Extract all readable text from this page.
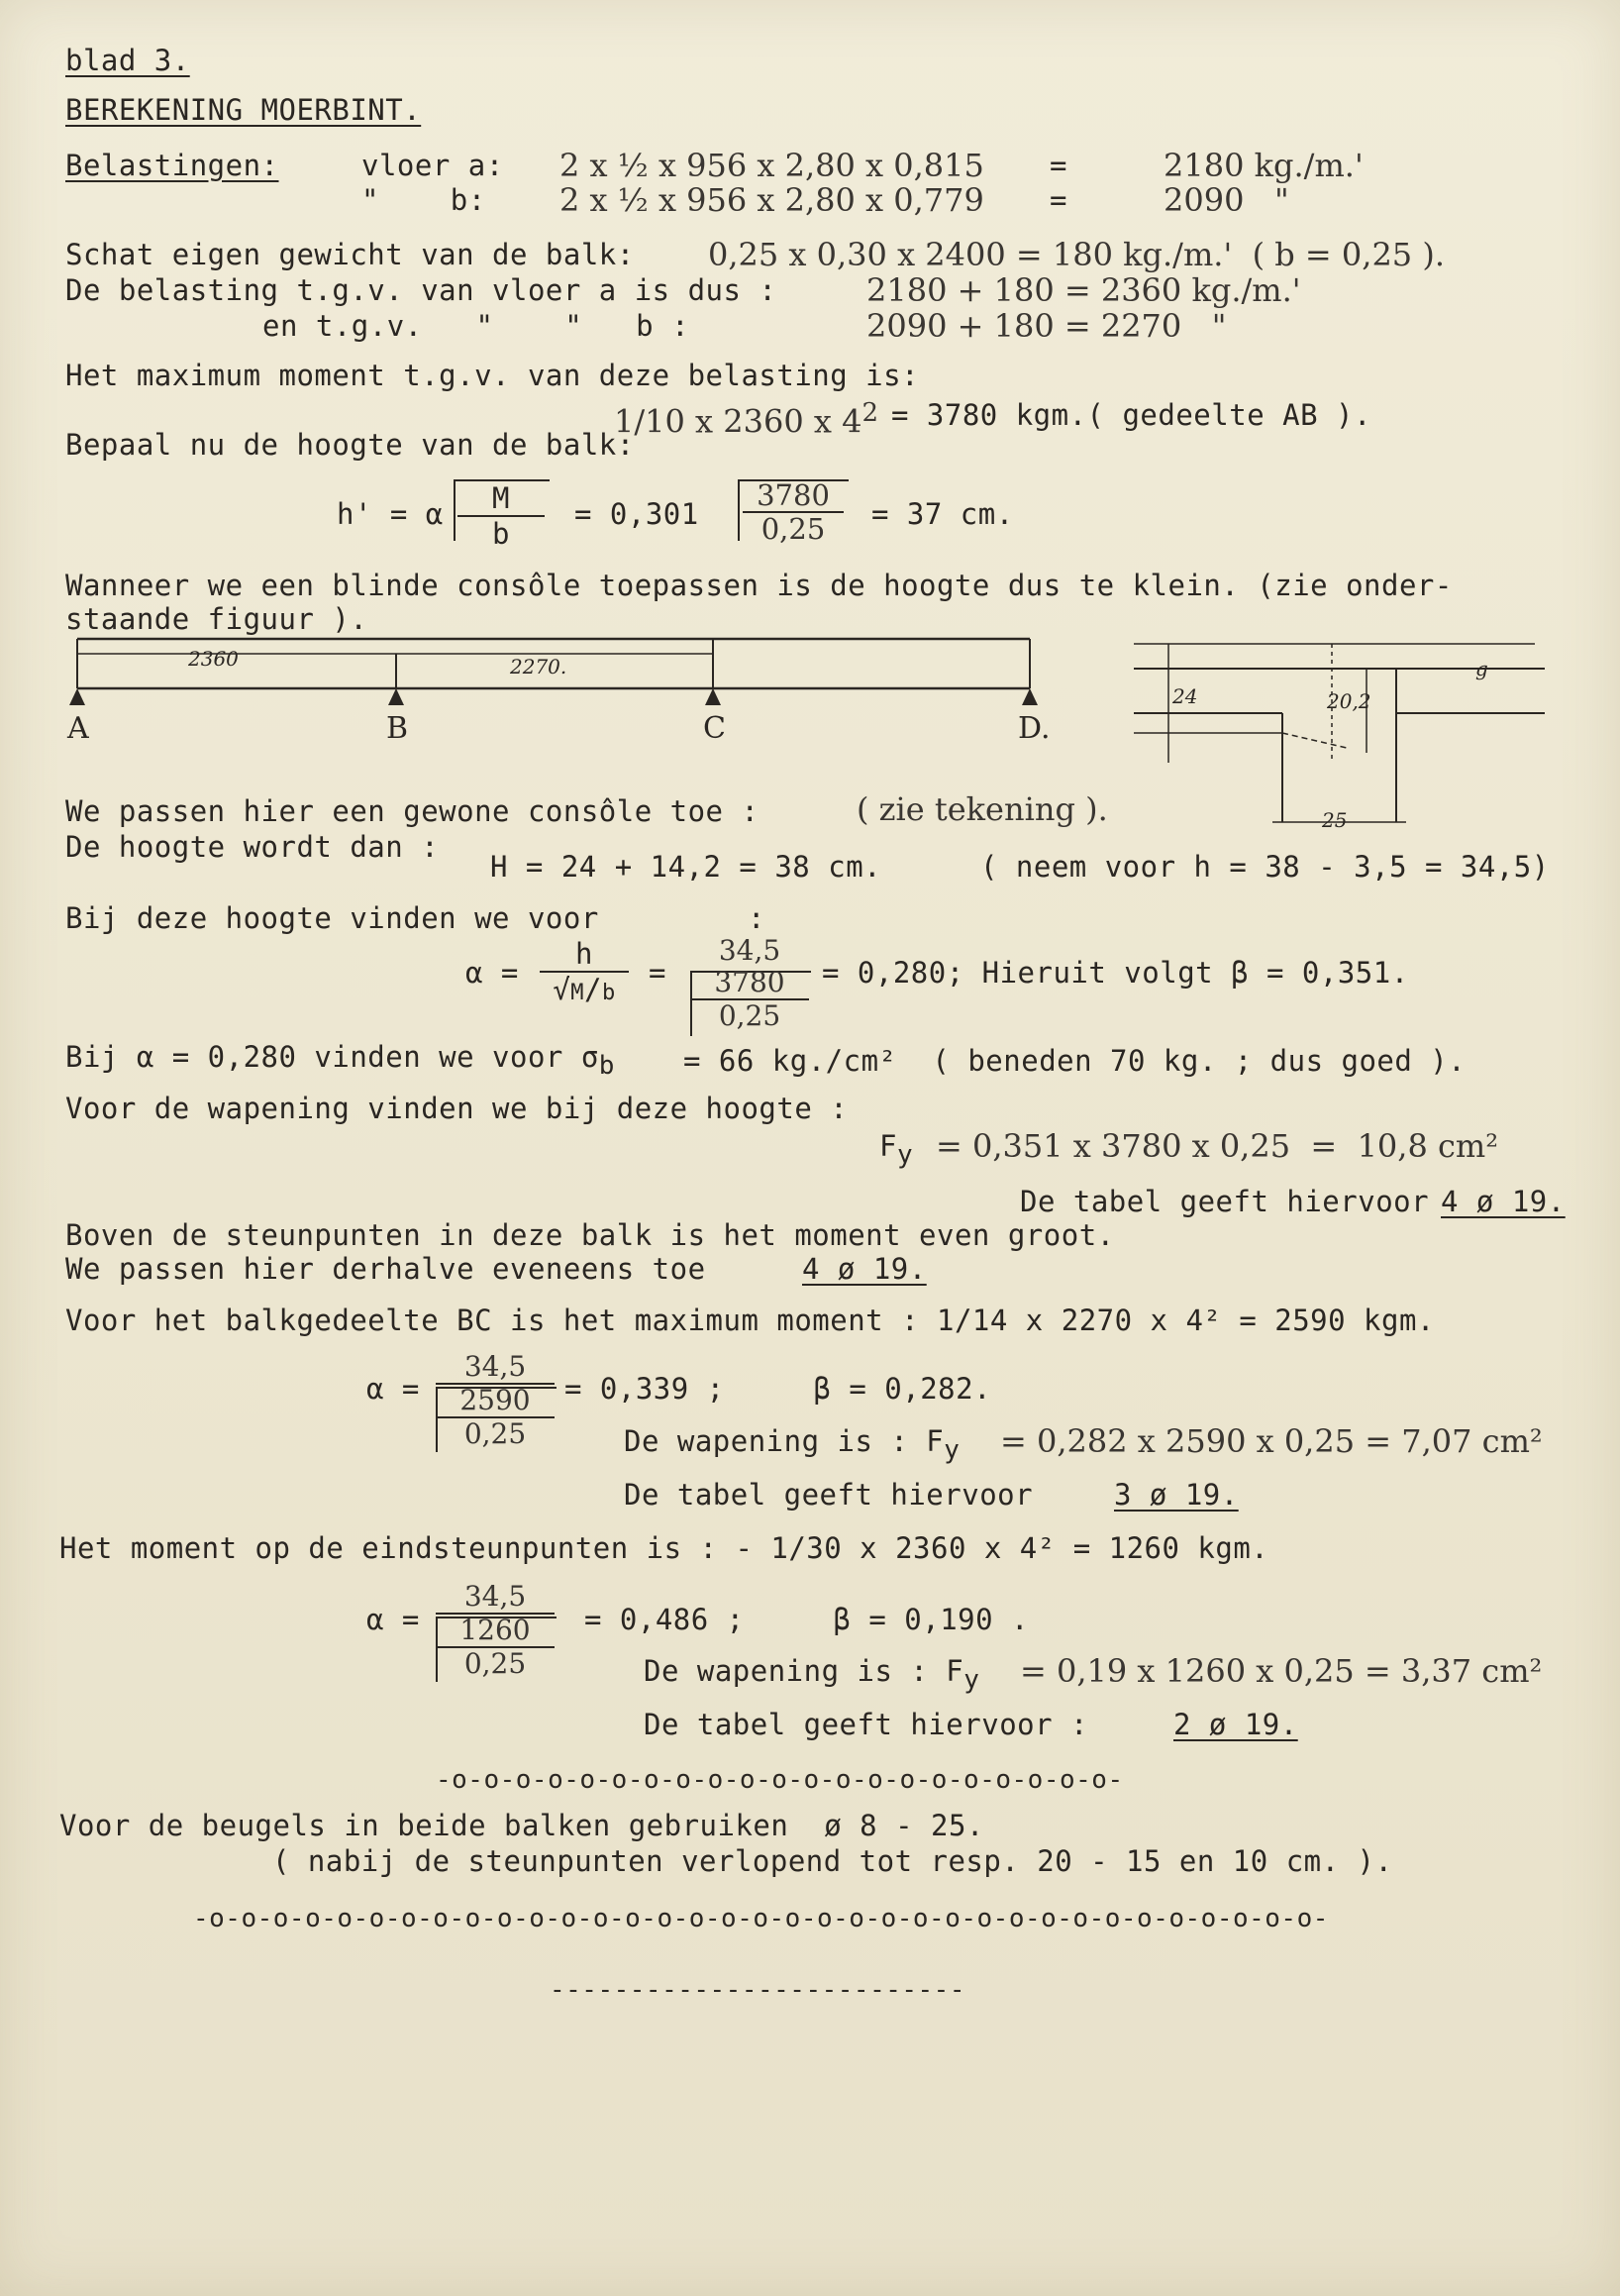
blad 3.
BEREKENING MOERBINT.
Belastingen:	vloer a: 2 x ½ x 956 x 2,80 x 0,815 =	2180 kg./m.'
"    b: 2 x ½ x 956 x 2,80 x 0,779 =	2090   "
Schat eigen gewicht van de balk: 0,25 x 0,30 x 2400 = 180 kg./m.'  ( b = 0,25 ).
De belasting t.g.v. van vloer a is dus :	2180 + 180 = 2360 kg./m.'
en t.g.v.   "    "   b :	2090 + 180 = 2270   "
Het maximum moment t.g.v. van deze belasting is:
1/10 x 2360 x $4^2 = 3780$ kgm.( gedeelte AB ).
Bepaal nu de hoogte van de balk:
h' = α $\frac{M}{b} = 0,301 \frac{3780}{0,25} = 37$ cm.
Wanneer we een blinde consôle toepassen is de hoogte dus te klein. (zie onder-
staande figuur ).
2360	2270.
A	B	C	D.
24	20,2
g
25
We passen hier een gewone consôle toe :	( zie tekening ).
De hoogte wordt dan :
H = 24 + 14,2 = 38 cm.	( neem voor h = 38 - 3,5 = 34,5)
Bij deze hoogte vinden we voor	:
$\alpha = \frac{h}{√M/b}$ =
34,5
3780
0,25
= 0,280; Hieruit volgt β = 0,351.
Bij α = 0,280 vinden we voor $\sigma_b = 66$ kg./cm²  ( beneden 70 kg. ; dus goed ).
Voor de wapening vinden we bij deze hoogte :
$F_y = 0,351$ x 3780 x 0,25  =  10,8 cm²
De tabel geeft hiervoor 4 ø 19.
Boven de steunpunten in deze balk is het moment even groot.
We passen hier derhalve eveneens toe	4 ø 19.
Voor het balkgedeelte BC is het maximum moment : 1/14 x 2270 x 4² = 2590 kgm.
α =
34,5
2590
0,25
= 0,339 ;     β = 0,282.
De wapening is : $F_y = 0,282$ x 2590 x 0,25 = 7,07 cm²
De tabel geeft hiervoor	3 ø 19.
Het moment op de eindsteunpunten is : - 1/30 x 2360 x 4² = 1260 kgm.
α =
34,5
1260
0,25
= 0,486 ;     β = 0,190 .
De wapening is : $F_y = 0,19$ x 1260 x 0,25 = 3,37 cm²
De tabel geeft hiervoor :	2 ø 19.
-o-o-o-o-o-o-o-o-o-o-o-o-o-o-o-o-o-o-o-o-o-
Voor de beugels in beide balken gebruiken  ø 8 - 25.
( nabij de steunpunten verlopend tot resp. 20 - 15 en 10 cm. ).
-o-o-o-o-o-o-o-o-o-o-o-o-o-o-o-o-o-o-o-o-o-o-o-o-o-o-o-o-o-o-o-o-o-o-o-
--------------------------
